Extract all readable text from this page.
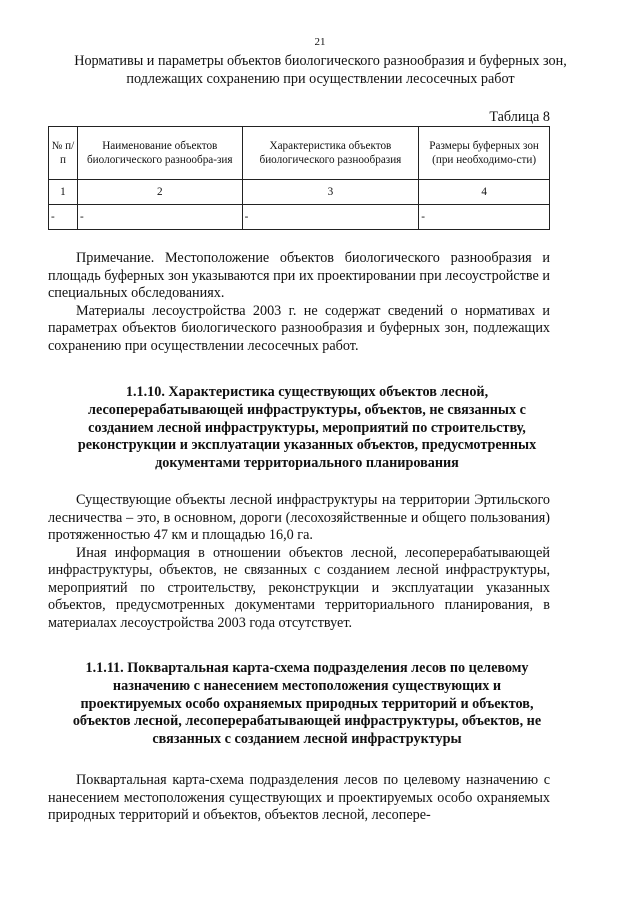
21
Нормативы и параметры объектов биологического разнообразия и буферных зон, подлежащих сохранению при осуществлении лесосечных работ
Таблица 8
№ п/п	Наименование объектов биологического разнообра-зия	Характеристика объектов биологического разнообразия	Размеры буферных зон (при необходимо-сти)
1	2	3	4
-	-	-	-

Примечание. Местоположение объектов биологического разнообразия и площадь буферных зон указываются при их проектировании при лесоустройстве и специальных обследованиях.

Материалы лесоустройства 2003 г. не содержат сведений о нормативах и параметрах объектов биологического разнообразия и буферных зон, подлежащих сохранению при осуществлении лесосечных работ.

1.1.10. Характеристика существующих объектов лесной, лесоперерабатывающей инфраструктуры, объектов, не связанных с созданием лесной инфраструктуры, мероприятий по строительству, реконструкции и эксплуатации указанных объектов, предусмотренных документами территориального планирования

Существующие объекты лесной инфраструктуры на территории Эртильского лесничества – это, в основном, дороги (лесохозяйственные и общего пользования) протяженностью 47 км и площадью 16,0 га.

Иная информация в отношении объектов лесной, лесоперерабатывающей инфраструктуры, объектов, не связанных с созданием лесной инфраструктуры, мероприятий по строительству, реконструкции и эксплуатации указанных объектов, предусмотренных документами территориального планирования, в материалах лесоустройства 2003 года отсутствует.

1.1.11. Поквартальная карта-схема подразделения лесов по целевому назначению с нанесением местоположения существующих и проектируемых особо охраняемых природных территорий и объектов, объектов лесной, лесоперерабатывающей инфраструктуры, объектов, не связанных с созданием лесной инфраструктуры

Поквартальная карта-схема подразделения лесов по целевому назначению с нанесением местоположения существующих и проектируемых особо охраняемых природных территорий и объектов, объектов лесной, лесопере-
